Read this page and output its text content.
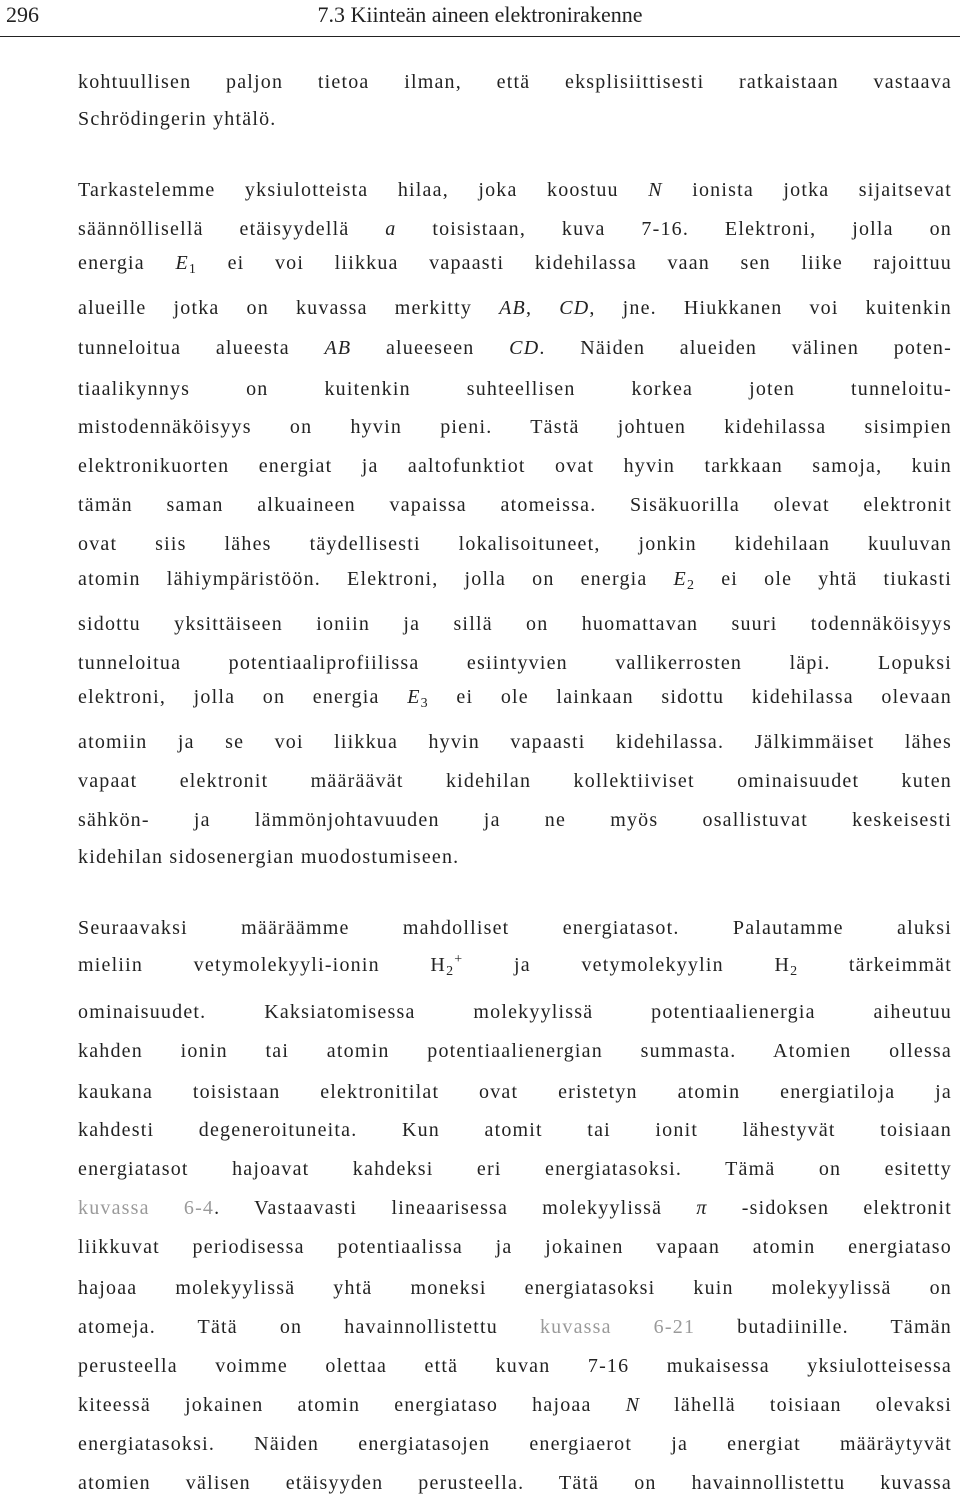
296	7.3 Kiinteän aineen elektronirakenne
kohtuullisen paljon tietoa ilman, että eksplisiittisesti ratkaistaan vastaava
Schrödingerin yhtälö.
Tarkastelemme yksiulotteista hilaa, joka koostuu N ionista jotka sijaitsevat
säännöllisellä etäisyydellä a toisistaan, kuva 7-16. Elektroni, jolla on
energia $E_1$ ei voi liikkua vapaasti kidehilassa vaan sen liike rajoittuu
alueille jotka on kuvassa merkitty AB, CD, jne. Hiukkanen voi kuitenkin
tunneloitua alueesta AB alueeseen CD. Näiden alueiden välinen poten-
tiaalikynnys on kuitenkin suhteellisen korkea joten tunneloitu-
mistodennäköisyys on hyvin pieni. Tästä johtuen kidehilassa sisimpien
elektronikuorten energiat ja aaltofunktiot ovat hyvin tarkkaan samoja, kuin
tämän saman alkuaineen vapaissa atomeissa. Sisäkuorilla olevat elektronit
ovat siis lähes täydellisesti lokalisoituneet, jonkin kidehilaan kuuluvan
atomin lähiympäristöön. Elektroni, jolla on energia $E_2$ ei ole yhtä tiukasti
sidottu yksittäiseen ioniin ja sillä on huomattavan suuri todennäköisyys
tunneloitua potentiaaliprofiilissa esiintyvien vallikerrosten läpi. Lopuksi
elektroni, jolla on energia $E_3$ ei ole lainkaan sidottu kidehilassa olevaan
atomiin ja se voi liikkua hyvin vapaasti kidehilassa. Jälkimmäiset lähes
vapaat elektronit määräävät kidehilan kollektiiviset ominaisuudet kuten
sähkön- ja lämmönjohtavuuden ja ne myös osallistuvat keskeisesti
kidehilan sidosenergian muodostumiseen.
Seuraavaksi määräämme mahdolliset energiatasot. Palautamme aluksi
mieliin vetymolekyyli-ionin $H_2^+$ ja vetymolekyylin $H_2$ tärkeimmät
ominaisuudet. Kaksiatomisessa molekyylissä potentiaalienergia aiheutuu
kahden ionin tai atomin potentiaalienergian summasta. Atomien ollessa
kaukana toisistaan elektronitilat ovat eristetyn atomin energiatiloja ja
kahdesti degeneroituneita. Kun atomit tai ionit lähestyvät toisiaan
energiatasot hajoavat kahdeksi eri energiatasoksi. Tämä on esitetty
kuvassa 6-4. Vastaavasti lineaarisessa molekyylissä π -sidoksen elektronit
liikkuvat periodisessa potentiaalissa ja jokainen vapaan atomin energiataso
hajoaa molekyylissä yhtä moneksi energiatasoksi kuin molekyylissä on
atomeja. Tätä on havainnollistettu kuvassa 6-21 butadiinille. Tämän
perusteella voimme olettaa että kuvan 7-16 mukaisessa yksiulotteisessa
kiteessä jokainen atomin energiataso hajoaa N lähellä toisiaan olevaksi
energiatasoksi. Näiden energiatasojen energiaerot ja energiat määräytyvät
atomien välisen etäisyyden perusteella. Tätä on havainnollistettu kuvassa
